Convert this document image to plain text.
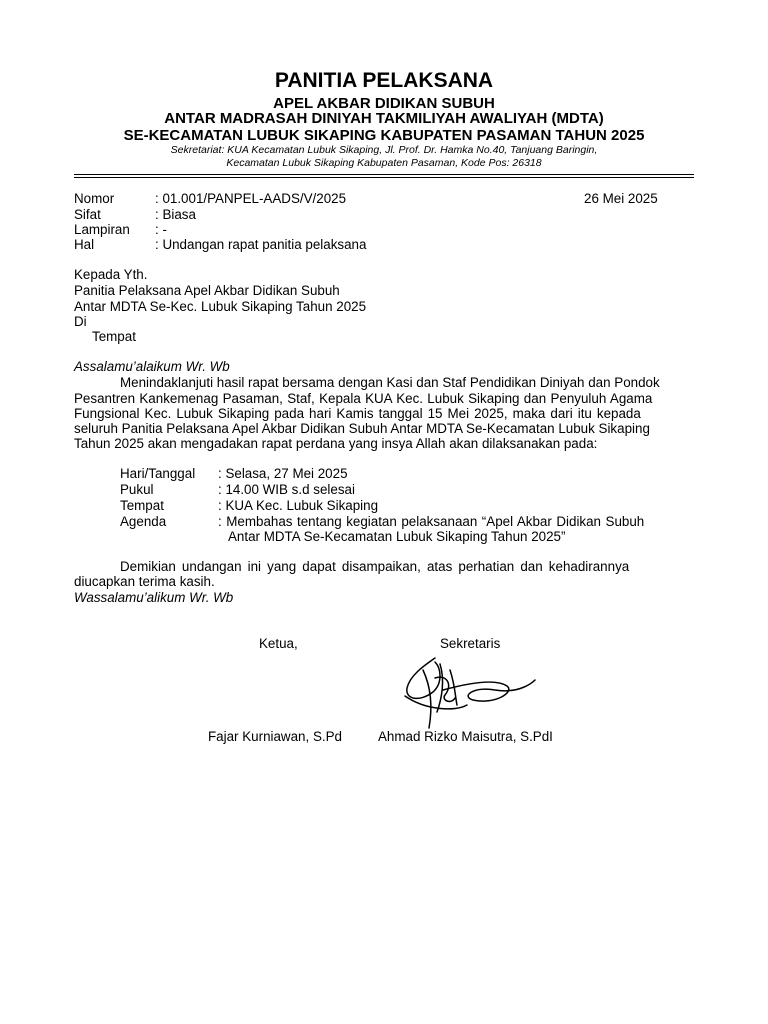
PANITIA PELAKSANA
APEL AKBAR DIDIKAN SUBUH
ANTAR MADRASAH DINIYAH TAKMILIYAH AWALIYAH (MDTA)
SE-KECAMATAN LUBUK SIKAPING KABUPATEN PASAMAN TAHUN 2025
Sekretariat: KUA Kecamatan Lubuk Sikaping, Jl. Prof. Dr. Hamka No.40, Tanjuang Baringin,
Kecamatan Lubuk Sikaping Kabupaten Pasaman, Kode Pos: 26318
Nomor	: 01.001/PANPEL-AADS/V/2025
Sifat	: Biasa
Lampiran : -
Hal	: Undangan rapat panitia pelaksana
26 Mei 2025
Kepada Yth.
Panitia Pelaksana Apel Akbar Didikan Subuh
Antar MDTA Se-Kec. Lubuk Sikaping Tahun 2025
Di
Tempat
Assalamu’alaikum Wr. Wb
Menindaklanjuti hasil rapat bersama dengan Kasi dan Staf Pendidikan Diniyah dan Pondok
Pesantren Kankemenag Pasaman, Staf, Kepala KUA Kec. Lubuk Sikaping dan Penyuluh Agama
Fungsional Kec. Lubuk Sikaping pada hari Kamis tanggal 15 Mei 2025, maka dari itu kepada
seluruh Panitia Pelaksana Apel Akbar Didikan Subuh Antar MDTA Se-Kecamatan Lubuk Sikaping
Tahun 2025 akan mengadakan rapat perdana yang insya Allah akan dilaksanakan pada:
Hari/Tanggal : Selasa, 27 Mei 2025
Pukul	: 14.00 WIB s.d selesai
Tempat	: KUA Kec. Lubuk Sikaping
Agenda	: Membahas tentang kegiatan pelaksanaan “Apel Akbar Didikan Subuh
Antar MDTA Se-Kecamatan Lubuk Sikaping Tahun 2025”
Demikian undangan ini yang dapat disampaikan, atas perhatian dan kehadirannya
diucapkan terima kasih.
Wassalamu’alikum Wr. Wb
Ketua,	Sekretaris
Fajar Kurniawan, S.Pd	Ahmad Rizko Maisutra, S.PdI
